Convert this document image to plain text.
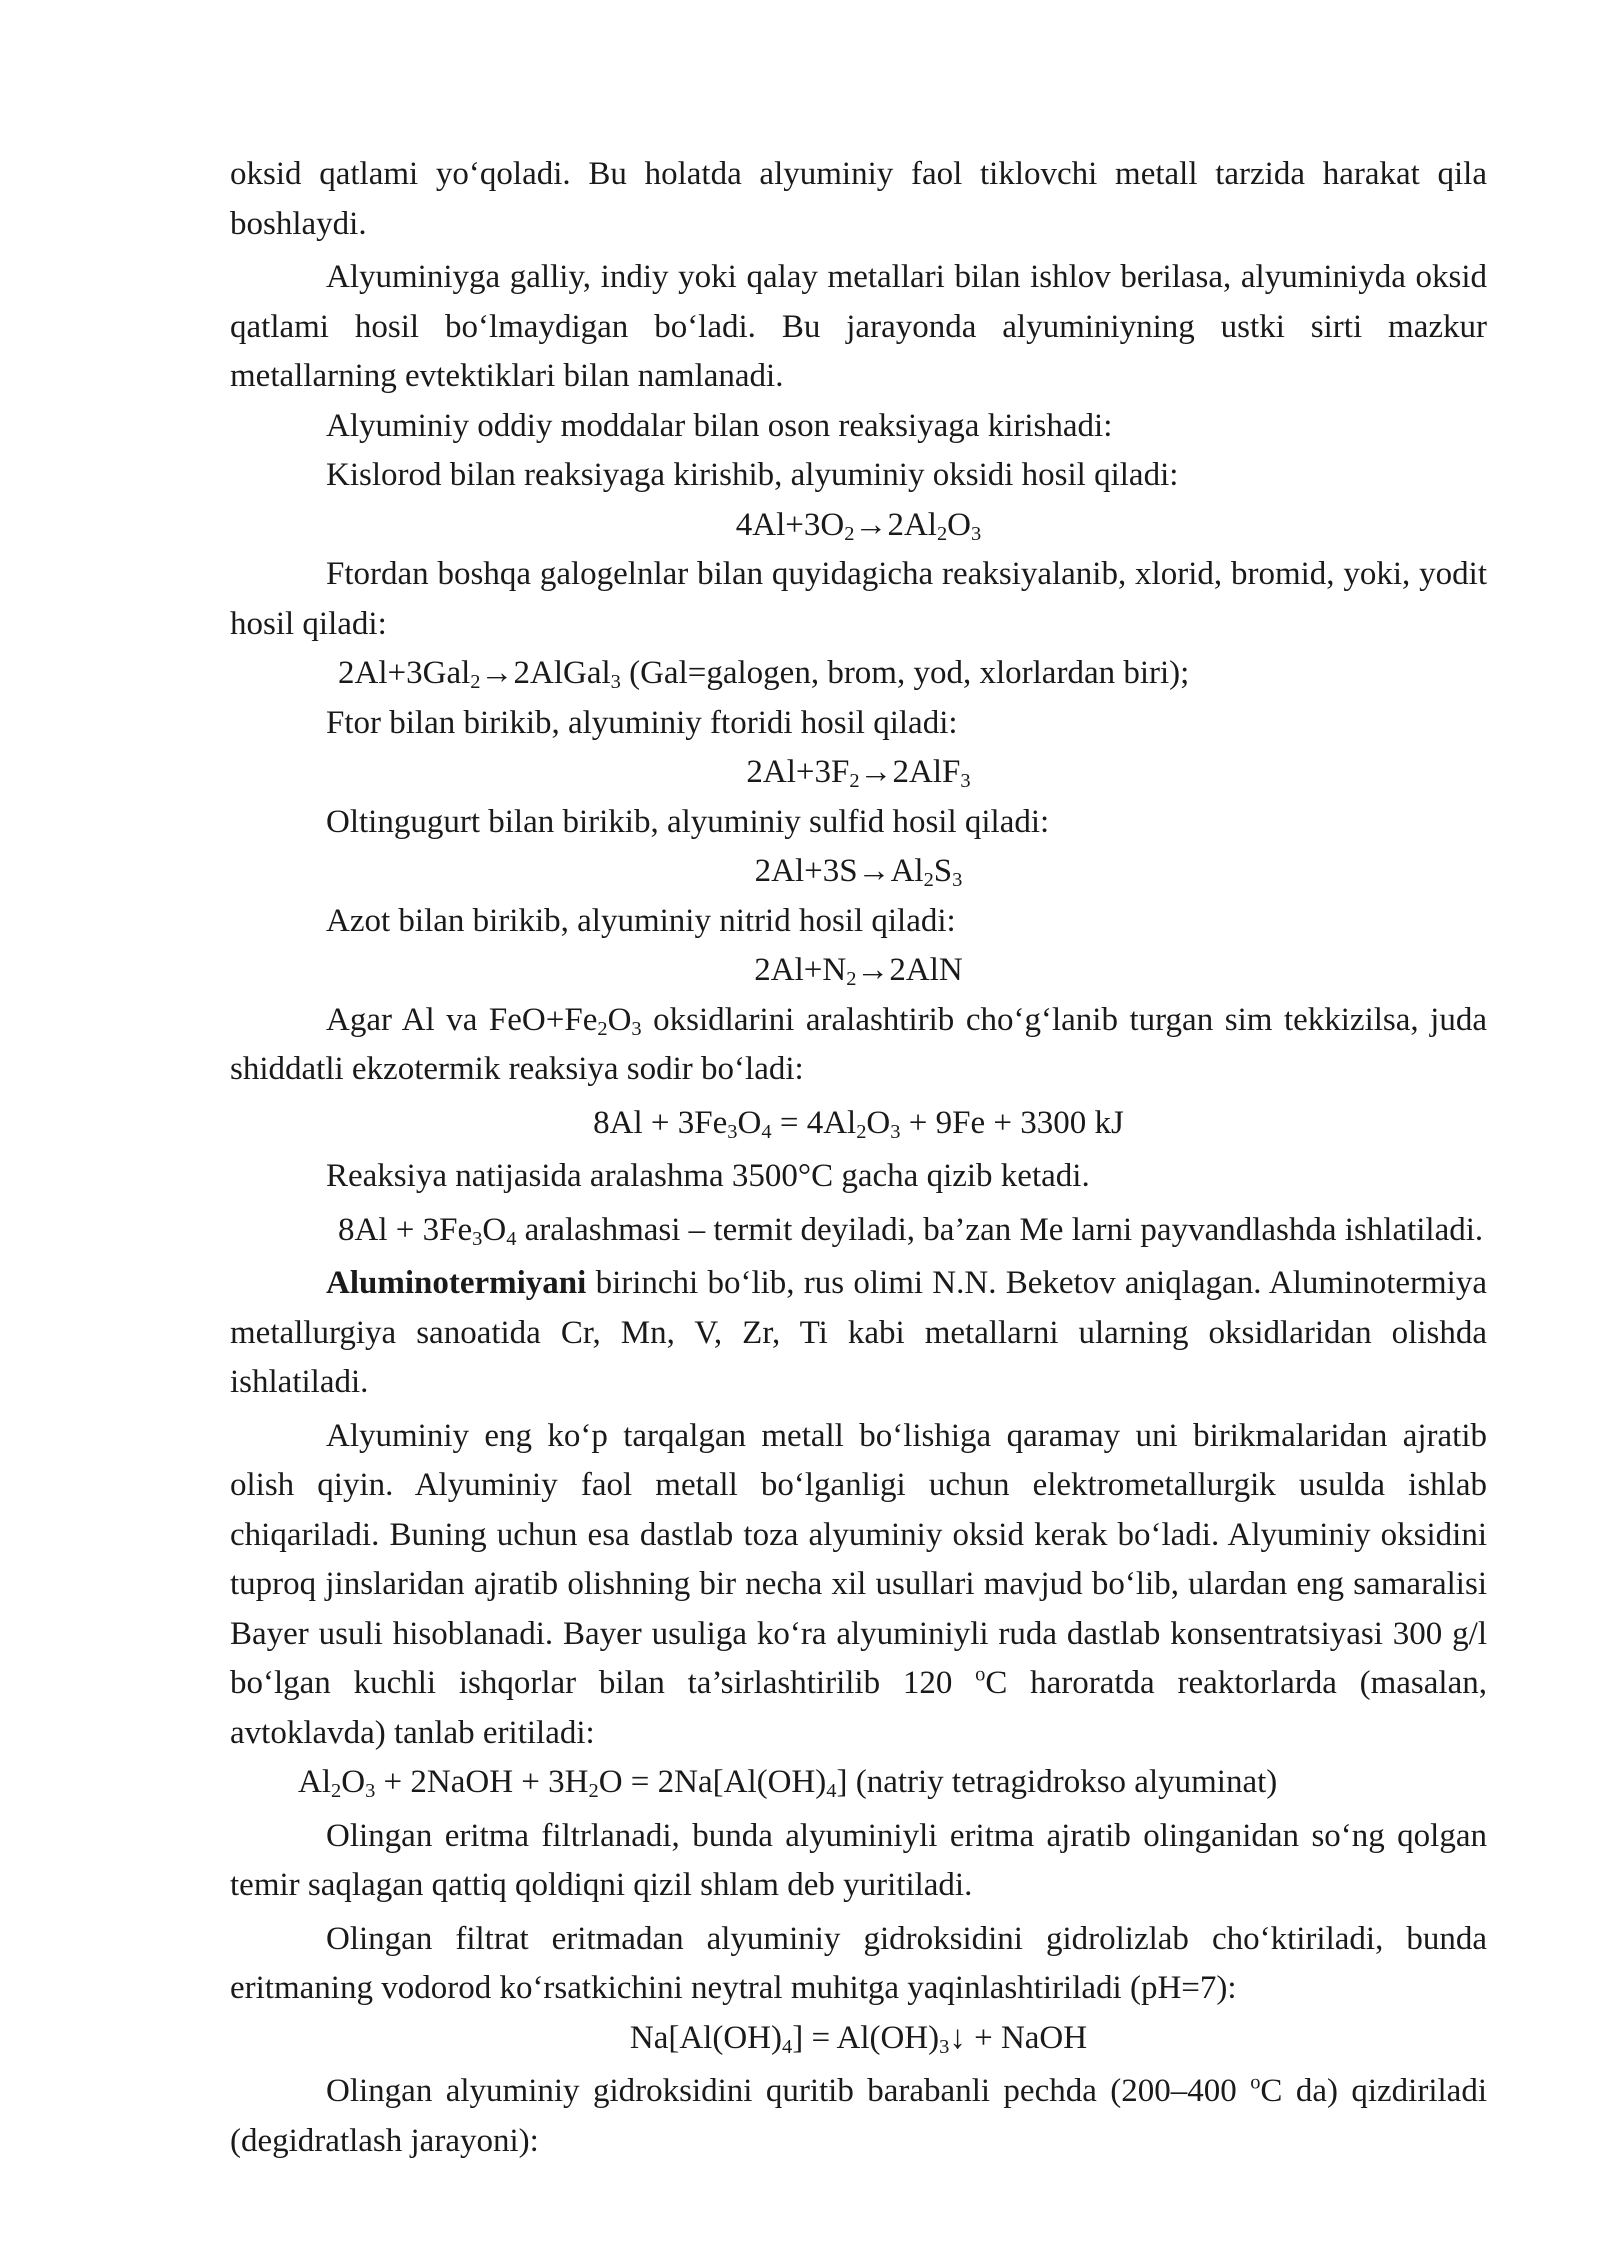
oksid qatlami yo‘qoladi. Bu holatda alyuminiy faol tiklovchi metall tarzida harakat qila boshlaydi.

Alyuminiyga galliy, indiy yoki qalay metallari bilan ishlov berilasa, alyuminiyda oksid qatlami hosil bo‘lmaydigan bo‘ladi. Bu jarayonda alyuminiyning ustki sirti mazkur metallarning evtektiklari bilan namlanadi.

Alyuminiy oddiy moddalar bilan oson reaksiyaga kirishadi:

Kislorod bilan reaksiyaga kirishib, alyuminiy oksidi hosil qiladi:

$4Al+3O_2\to 2Al_2O_3$

Ftordan boshqa galogelnlar bilan quyidagicha reaksiyalanib, xlorid, bromid, yoki, yodit hosil qiladi:

2Al+3Gal$_2$→2AlGal$_3$ (Gal=galogen, brom, yod, xlorlardan biri);

Ftor bilan birikib, alyuminiy ftoridi hosil qiladi:

$2Al+3F_2\to 2AlF_3$

Oltingugurt bilan birikib, alyuminiy sulfid hosil qiladi:

$2Al+3S\to Al_2S_3$

Azot bilan birikib, alyuminiy nitrid hosil qiladi:

$2Al+N_2\to 2AlN$

Agar Al va $FeO+Fe_2O_3$ oksidlarini aralashtirib cho‘g‘lanib turgan sim tekkizilsa, juda shiddatli ekzotermik reaksiya sodir bo‘ladi:

$8Al + 3Fe_3O_4 = 4Al_2O_3 + 9Fe + 3300$ kJ

Reaksiya natijasida aralashma 3500°C gacha qizib ketadi.

$8Al + 3Fe_3O_4$ aralashmasi – termit deyiladi, ba’zan Me larni payvandlashda ishlatiladi.

Aluminotermiyani birinchi bo‘lib, rus olimi N.N. Beketov aniqlagan. Aluminotermiya metallurgiya sanoatida Cr, Mn, V, Zr, Ti kabi metallarni ularning oksidlaridan olishda ishlatiladi.

Alyuminiy eng ko‘p tarqalgan metall bo‘lishiga qaramay uni birikmalaridan ajratib olish qiyin. Alyuminiy faol metall bo‘lganligi uchun elektrometallurgik usulda ishlab chiqariladi. Buning uchun esa dastlab toza alyuminiy oksid kerak bo‘ladi. Alyuminiy oksidini tuproq jinslaridan ajratib olishning bir necha xil usullari mavjud bo‘lib, ulardan eng samaralisi Bayer usuli hisoblanadi. Bayer usuliga ko‘ra alyuminiyli ruda dastlab konsentratsiyasi 300 g/l bo‘lgan kuchli ishqorlar bilan ta’sirlashtirilib 120 $^o$C haroratda reaktorlarda (masalan, avtoklavda) tanlab eritiladi:

$Al_2O_3$ + 2NaOH + $3H_2O = 2Na[Al(OH)_4]$ (natriy tetragidrokso alyuminat)

Olingan eritma filtrlanadi, bunda alyuminiyli eritma ajratib olinganidan so‘ng qolgan temir saqlagan qattiq qoldiqni qizil shlam deb yuritiladi.

Olingan filtrat eritmadan alyuminiy gidroksidini gidrolizlab cho‘ktiriladi, bunda eritmaning vodorod ko‘rsatkichini neytral muhitga yaqinlashtiriladi (pH=7):

$Na[Al(OH)_4]$ = $Al(OH)_3↓$ + NaOH

Olingan alyuminiy gidroksidini quritib barabanli pechda (200–400 $^o$C da) qizdiriladi (degidratlash jarayoni):
